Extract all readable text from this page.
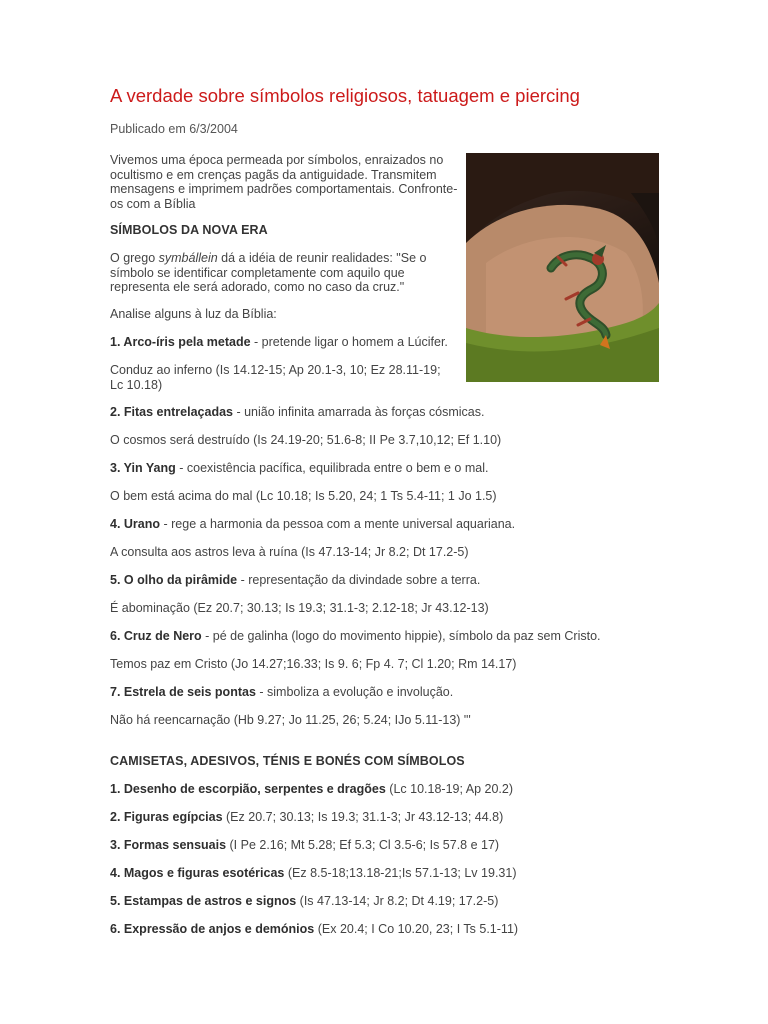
A verdade sobre símbolos religiosos, tatuagem e piercing
Publicado em 6/3/2004
Vivemos uma época permeada por símbolos, enraizados no ocultismo e em crenças pagãs da antiguidade. Transmitem mensagens e imprimem padrões comportamentais. Confronte-os com a Bíblia
SÍMBOLOS DA NOVA ERA
O grego symbállein dá a idéia de reunir realidades: "Se o símbolo se identificar completamente com aquilo que representa ele será adorado, como no caso da cruz."
Analise alguns à luz da Bíblia:
1. Arco-íris pela metade - pretende ligar o homem a Lúcifer.
Conduz ao inferno (Is 14.12-15; Ap 20.1-3, 10; Ez 28.11-19; Lc 10.18)
2. Fitas entrelaçadas - união infinita amarrada às forças cósmicas.
O cosmos será destruído (Is 24.19-20; 51.6-8; II Pe 3.7,10,12; Ef 1.10)
3. Yin Yang - coexistência pacífica, equilibrada entre o bem e o mal.
O bem está acima do mal (Lc 10.18; Is 5.20, 24; 1 Ts 5.4-11; 1 Jo 1.5)
4. Urano - rege a harmonia da pessoa com a mente universal aquariana.
A consulta aos astros leva à ruína (Is 47.13-14; Jr 8.2; Dt 17.2-5)
5. O olho da pirâmide - representação da divindade sobre a terra.
É abominação (Ez 20.7; 30.13; Is 19.3; 31.1-3; 2.12-18; Jr 43.12-13)
6. Cruz de Nero - pé de galinha (logo do movimento hippie), símbolo da paz sem Cristo.
Temos paz em Cristo (Jo 14.27;16.33; Is 9. 6; Fp 4. 7; Cl 1.20; Rm 14.17)
7. Estrela de seis pontas - simboliza a evolução e involução.
Não há reencarnação (Hb 9.27; Jo 11.25, 26; 5.24; IJo 5.11-13) "'
CAMISETAS, ADESIVOS, TÉNIS E BONÉS COM SÍMBOLOS
1. Desenho de escorpião, serpentes e dragões (Lc 10.18-19; Ap 20.2)
2. Figuras egípcias (Ez 20.7; 30.13; Is 19.3; 31.1-3; Jr 43.12-13; 44.8)
3. Formas sensuais (I Pe 2.16; Mt 5.28; Ef 5.3; Cl 3.5-6; Is 57.8 e 17)
4. Magos e figuras esotéricas (Ez 8.5-18;13.18-21;Is 57.1-13; Lv 19.31)
5. Estampas de astros e signos (Is 47.13-14; Jr 8.2; Dt 4.19; 17.2-5)
6. Expressão de anjos e demónios (Ex 20.4; I Co 10.20, 23; I Ts 5.1-11)
